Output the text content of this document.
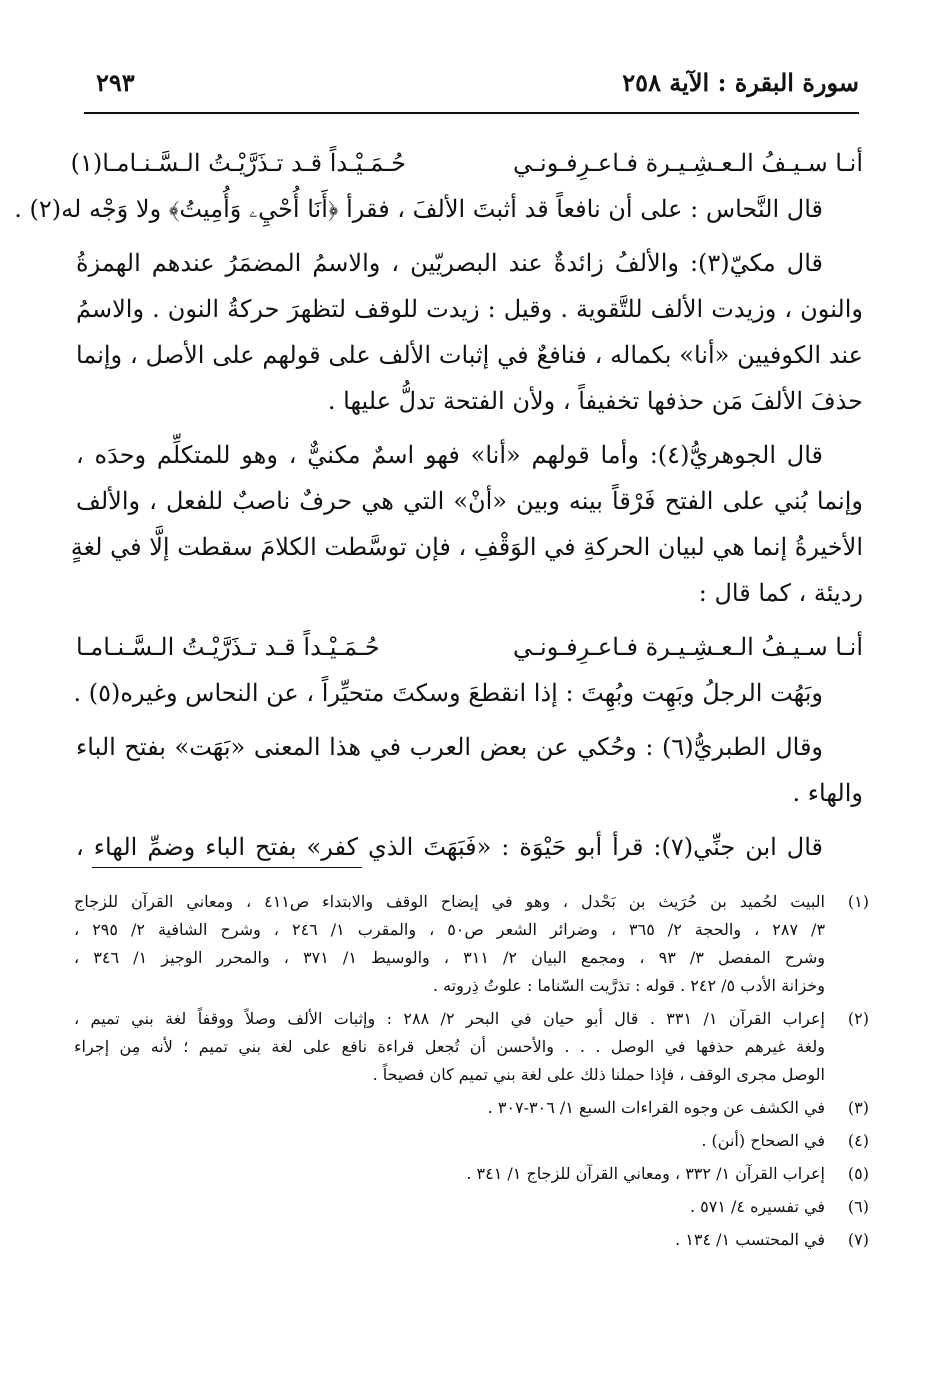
سورة البقرة : الآية ٢٥٨
٢٩٣
أنـا سـيـفُ الـعـشِـيـرة فـاعـرِفـونـي
حُـمَـيْـداً قـد تـذَرَّيْـتُ الـسَّـنـامـا(١)
قال النَّحاس : على أن نافعاً قد أثبتَ الألفَ ، فقرأ ﴿أَنَا أُحْيِۦ وَأُمِيتُ﴾ ولا وَجْه له(٢) .
قال مكيّ(٣): والألفُ زائدةٌ عند البصريّين ، والاسمُ المضمَرُ عندهم الهمزةُ
والنون ، وزيدت الألف للتَّقوية . وقيل : زيدت للوقف لتظهرَ حركةُ النون . والاسمُ
عند الكوفيين «أنا» بكماله ، فنافعٌ في إثبات الألف على قولهم على الأصل ، وإنما
حذفَ الألفَ مَن حذفها تخفيفاً ، ولأن الفتحة تدلُّ عليها .
قال الجوهريُّ(٤): وأما قولهم «أنا» فهو اسمٌ مكنيٌّ ، وهو للمتكلِّم وحدَه ،
وإنما بُني على الفتح فَرْقاً بينه وبين «أنْ» التي هي حرفٌ ناصبٌ للفعل ، والألف
الأخيرةُ إنما هي لبيان الحركةِ في الوَقْفِ ، فإن توسَّطت الكلامَ سقطت إلَّا في لغةٍ
رديئة ، كما قال :
أنـا سـيـفُ الـعـشِـيـرة فـاعـرِفـونـي
حُـمَـيْـداً قـد تـذَرَّيْـتُ الـسَّـنـامـا
وبَهُت الرجلُ وبَهِت وبُهِتَ : إذا انقطعَ وسكتَ متحيِّراً ، عن النحاس وغيره(٥) .
وقال الطبريُّ(٦) : وحُكي عن بعض العرب في هذا المعنى «بَهَت» بفتح الباء
والهاء .
قال ابن جنِّي(٧): قرأ أبو حَيْوَة : «فَبَهَتَ الذي كفر» بفتح الباء وضمِّ الهاء ،
(١)
البيت لحُميد بن حُرَيث بن بَحْدل ، وهو في إيضاح الوقف والابتداء ص٤١١ ، ومعاني القرآن للزجاج
٣/ ٢٨٧ ، والحجة ٢/ ٣٦٥ ، وضرائر الشعر ص٥٠ ، والمقرب ١/ ٢٤٦ ، وشرح الشافية ٢/ ٢٩٥ ،
وشرح المفصل ٣/ ٩٣ ، ومجمع البيان ٢/ ٣١١ ، والوسيط ١/ ٣٧١ ، والمحرر الوجيز ١/ ٣٤٦ ،
وخزانة الأدب ٥/ ٢٤٢ . قوله : تذرَّيت السّناما : علوتُ ذِروته .
(٢)
إعراب القرآن ١/ ٣٣١ . قال أبو حيان في البحر ٢/ ٢٨٨ : وإثبات الألف وصلاً ووقفاً لغة بني تميم ،
ولغة غيرهم حذفها في الوصل . . . والأحسن أن تُجعل قراءة نافع على لغة بني تميم ؛ لأنه مِن إجراء
الوصل مجرى الوقف ، فإذا حملنا ذلك على لغة بني تميم كان فصيحاً .
(٣)
في الكشف عن وجوه القراءات السبع ١/ ٣٠٦-٣٠٧ .
(٤)
في الصحاح (أنن) .
(٥)
إعراب القرآن ١/ ٣٣٢ ، ومعاني القرآن للزجاج ١/ ٣٤١ .
(٦)
في تفسيره ٤/ ٥٧١ .
(٧)
في المحتسب ١/ ١٣٤ .
